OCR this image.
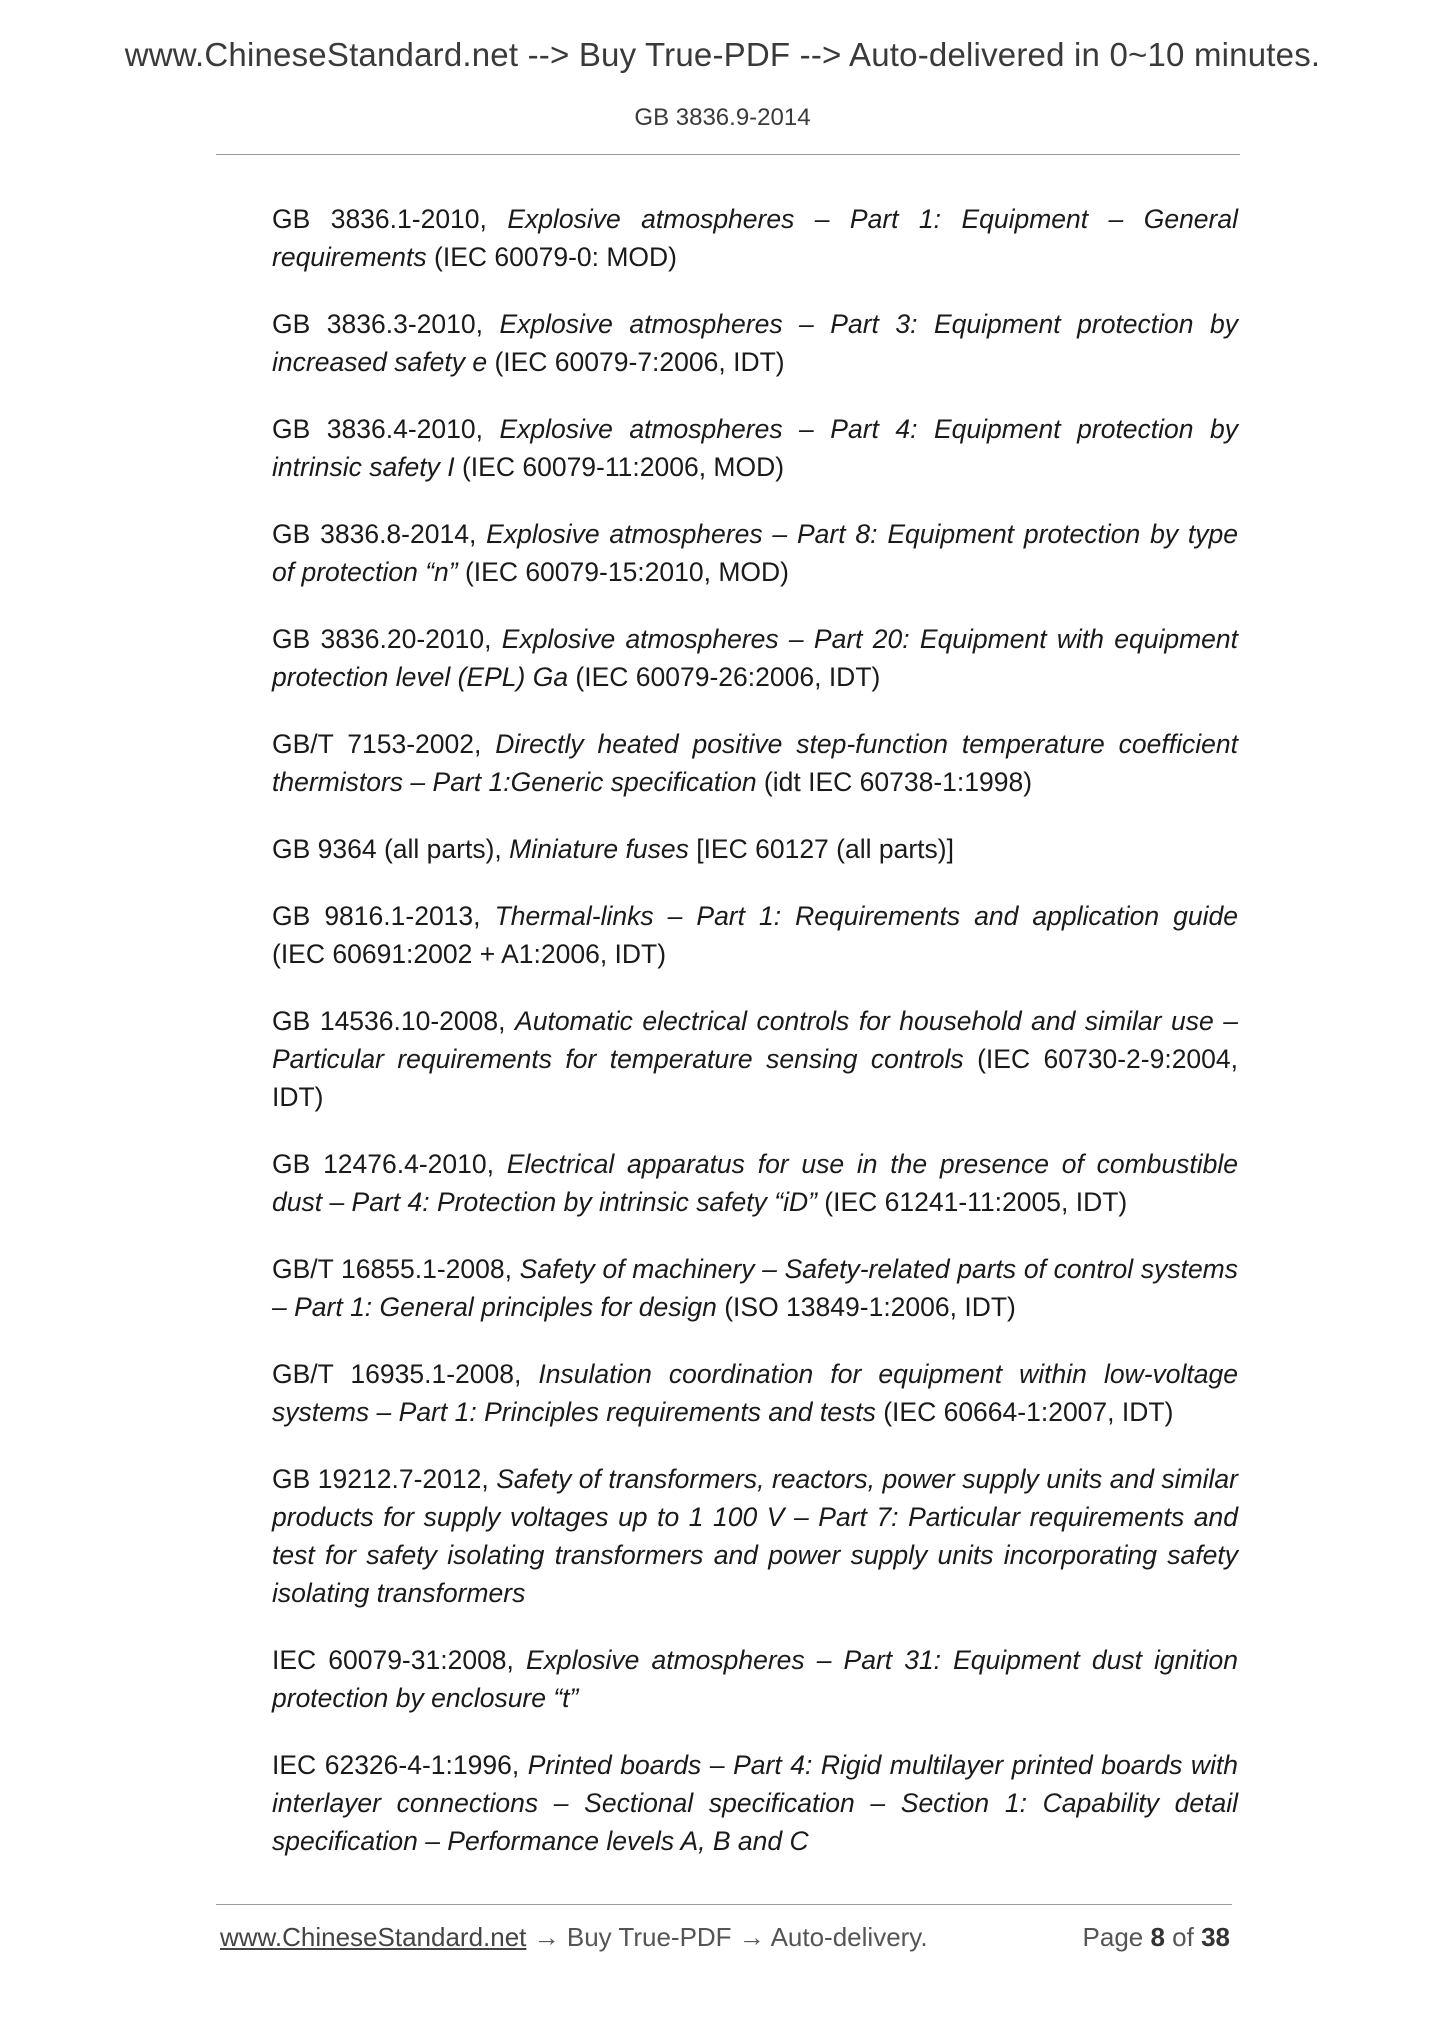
www.ChineseStandard.net --> Buy True-PDF --> Auto-delivered in 0~10 minutes.
GB 3836.9-2014
GB 3836.1-2010, Explosive atmospheres – Part 1: Equipment – General requirements (IEC 60079-0: MOD)
GB 3836.3-2010, Explosive atmospheres – Part 3: Equipment protection by increased safety e (IEC 60079-7:2006, IDT)
GB 3836.4-2010, Explosive atmospheres – Part 4: Equipment protection by intrinsic safety I (IEC 60079-11:2006, MOD)
GB 3836.8-2014, Explosive atmospheres – Part 8: Equipment protection by type of protection “n” (IEC 60079-15:2010, MOD)
GB 3836.20-2010, Explosive atmospheres – Part 20: Equipment with equipment protection level (EPL) Ga (IEC 60079-26:2006, IDT)
GB/T 7153-2002, Directly heated positive step-function temperature coefficient thermistors – Part 1:Generic specification (idt IEC 60738-1:1998)
GB 9364 (all parts), Miniature fuses [IEC 60127 (all parts)]
GB 9816.1-2013, Thermal-links – Part 1: Requirements and application guide (IEC 60691:2002 + A1:2006, IDT)
GB 14536.10-2008, Automatic electrical controls for household and similar use – Particular requirements for temperature sensing controls (IEC 60730-2-9:2004, IDT)
GB 12476.4-2010, Electrical apparatus for use in the presence of combustible dust – Part 4: Protection by intrinsic safety “iD” (IEC 61241-11:2005, IDT)
GB/T 16855.1-2008, Safety of machinery – Safety-related parts of control systems – Part 1: General principles for design (ISO 13849-1:2006, IDT)
GB/T 16935.1-2008, Insulation coordination for equipment within low-voltage systems – Part 1: Principles requirements and tests (IEC 60664-1:2007, IDT)
GB 19212.7-2012, Safety of transformers, reactors, power supply units and similar products for supply voltages up to 1 100 V – Part 7: Particular requirements and test for safety isolating transformers and power supply units incorporating safety isolating transformers
IEC 60079-31:2008, Explosive atmospheres – Part 31: Equipment dust ignition protection by enclosure “t”
IEC 62326-4-1:1996, Printed boards – Part 4: Rigid multilayer printed boards with interlayer connections – Sectional specification – Section 1: Capability detail specification – Performance levels A, B and C
www.ChineseStandard.net → Buy True-PDF → Auto-delivery.	Page 8 of 38
